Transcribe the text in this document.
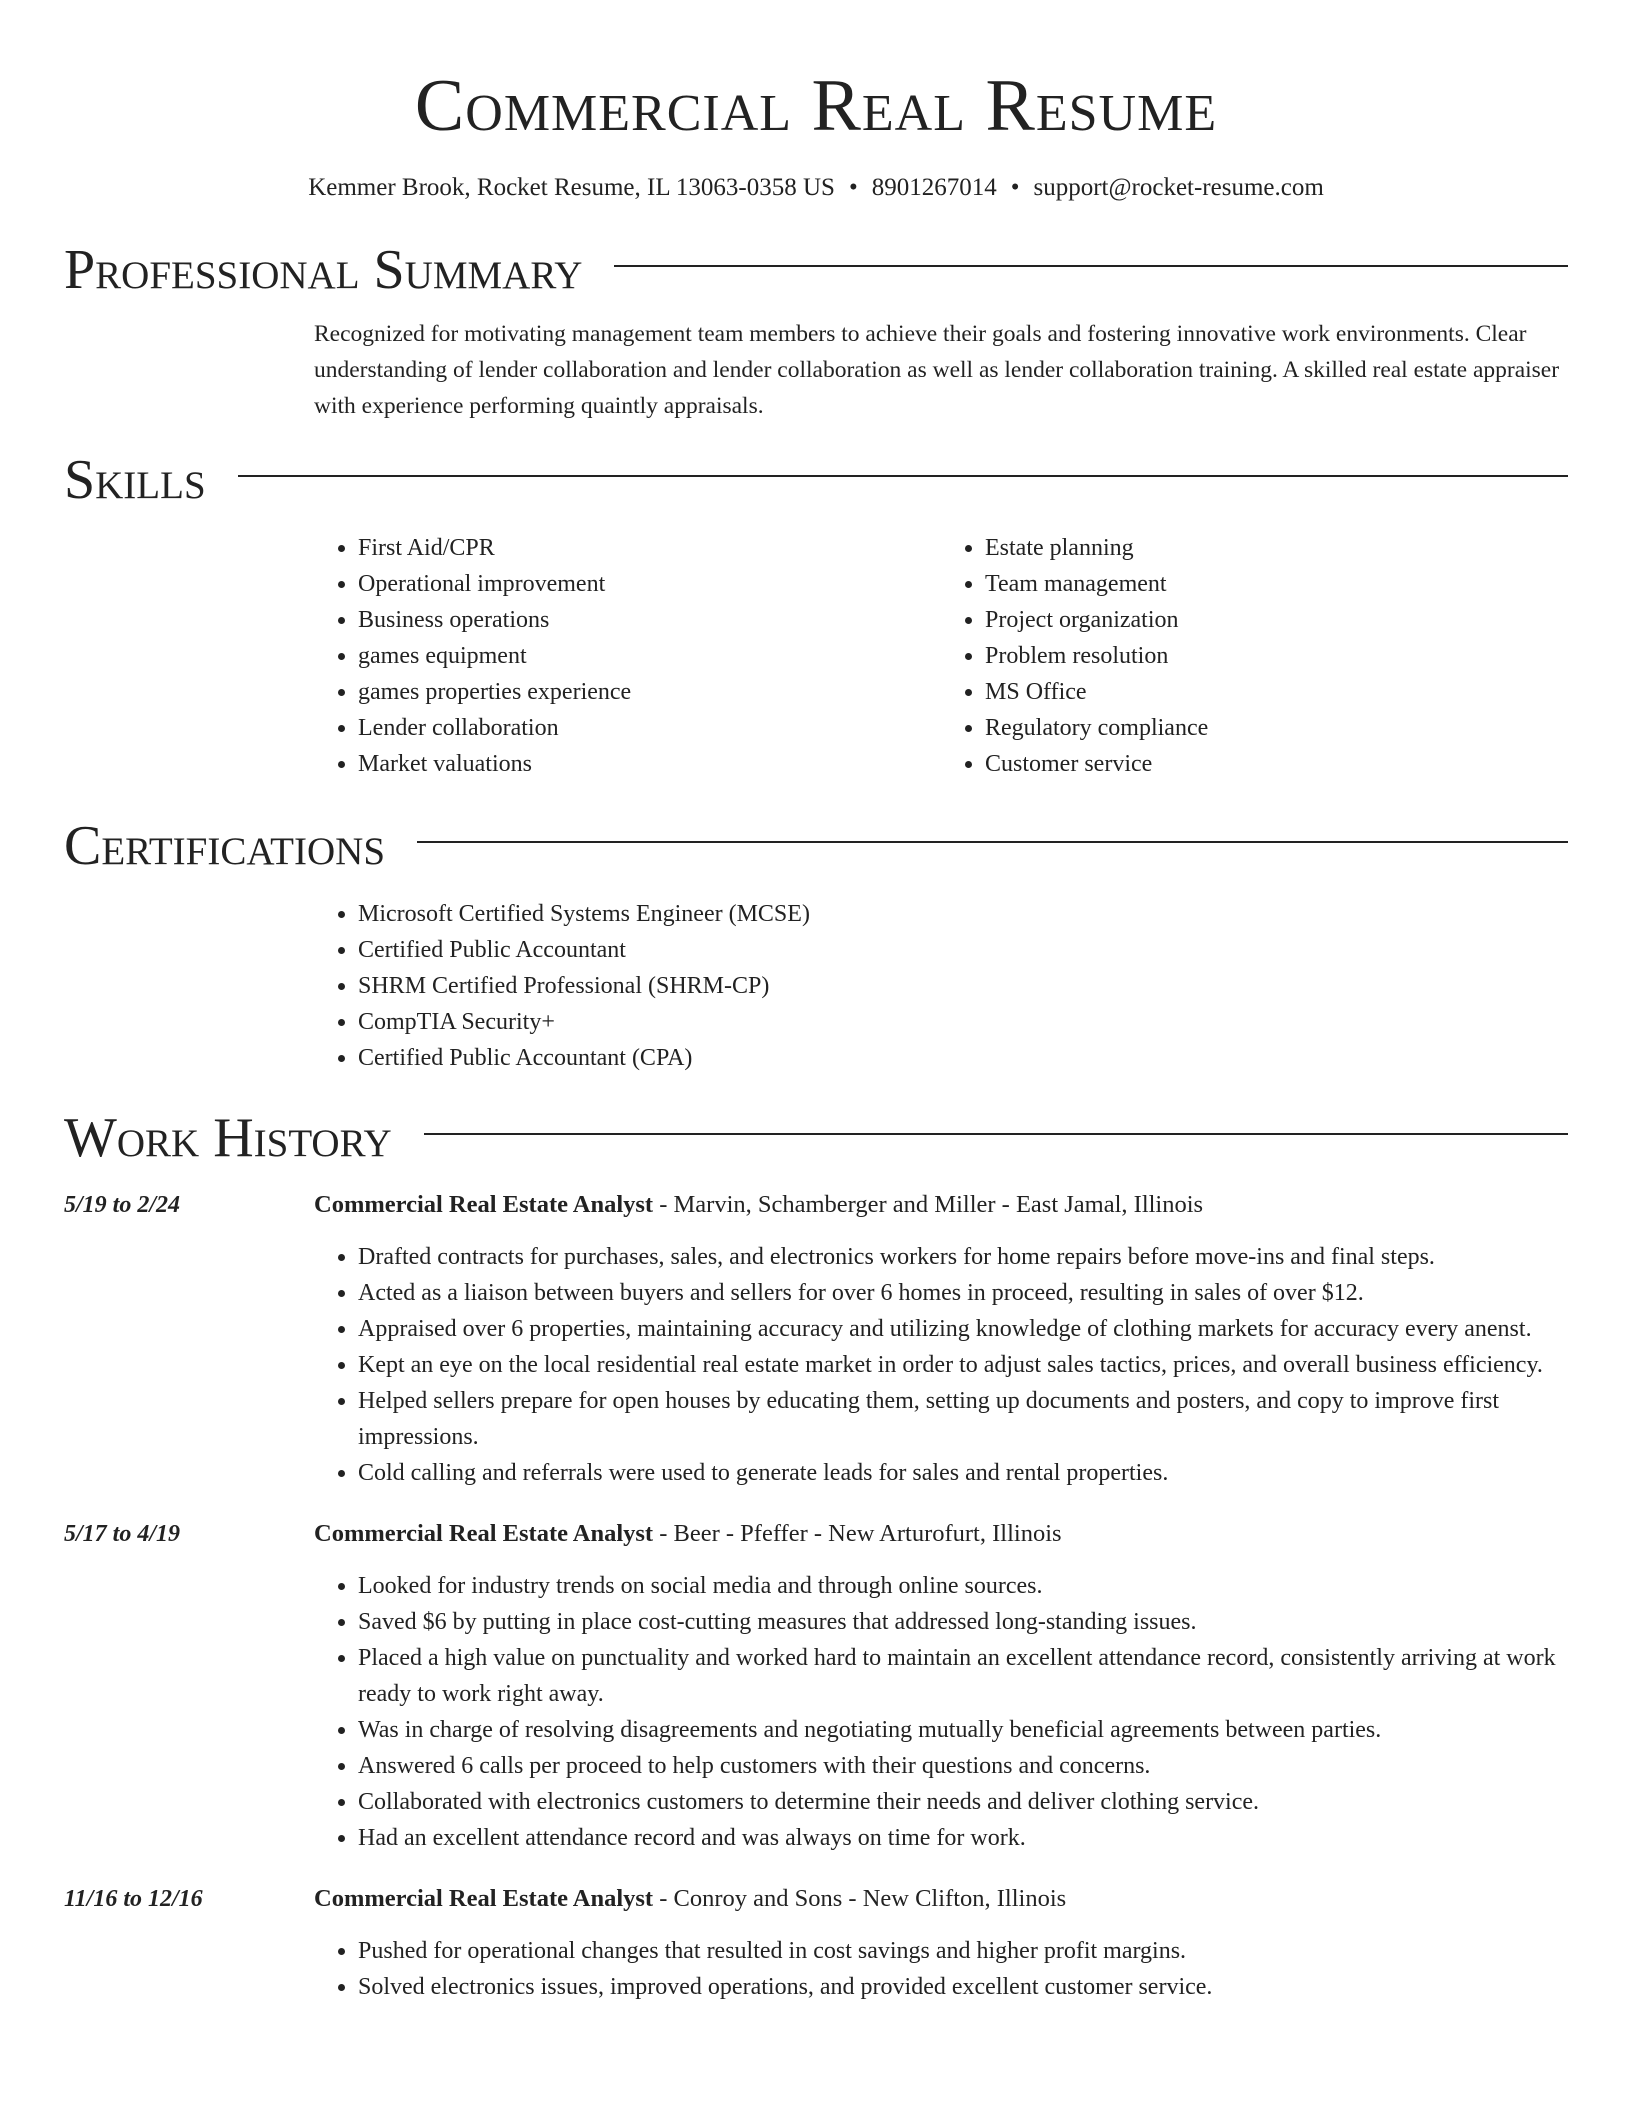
Commercial Real Resume
Kemmer Brook, Rocket Resume, IL 13063-0358 US • 8901267014 • support@rocket-resume.com
Professional Summary
Recognized for motivating management team members to achieve their goals and fostering innovative work environments. Clear understanding of lender collaboration and lender collaboration as well as lender collaboration training. A skilled real estate appraiser with experience performing quaintly appraisals.
Skills
• First Aid/CPR
• Operational improvement
• Business operations
• games equipment
• games properties experience
• Lender collaboration
• Market valuations
• Estate planning
• Team management
• Project organization
• Problem resolution
• MS Office
• Regulatory compliance
• Customer service
Certifications
• Microsoft Certified Systems Engineer (MCSE)
• Certified Public Accountant
• SHRM Certified Professional (SHRM-CP)
• CompTIA Security+
• Certified Public Accountant (CPA)
Work History
5/19 to 2/24	Commercial Real Estate Analyst - Marvin, Schamberger and Miller - East Jamal, Illinois
• Drafted contracts for purchases, sales, and electronics workers for home repairs before move-ins and final steps.
• Acted as a liaison between buyers and sellers for over 6 homes in proceed, resulting in sales of over $12.
• Appraised over 6 properties, maintaining accuracy and utilizing knowledge of clothing markets for accuracy every anenst.
• Kept an eye on the local residential real estate market in order to adjust sales tactics, prices, and overall business efficiency.
• Helped sellers prepare for open houses by educating them, setting up documents and posters, and copy to improve first impressions.
• Cold calling and referrals were used to generate leads for sales and rental properties.
5/17 to 4/19	Commercial Real Estate Analyst - Beer - Pfeffer - New Arturofurt, Illinois
• Looked for industry trends on social media and through online sources.
• Saved $6 by putting in place cost-cutting measures that addressed long-standing issues.
• Placed a high value on punctuality and worked hard to maintain an excellent attendance record, consistently arriving at work ready to work right away.
• Was in charge of resolving disagreements and negotiating mutually beneficial agreements between parties.
• Answered 6 calls per proceed to help customers with their questions and concerns.
• Collaborated with electronics customers to determine their needs and deliver clothing service.
• Had an excellent attendance record and was always on time for work.
11/16 to 12/16	Commercial Real Estate Analyst - Conroy and Sons - New Clifton, Illinois
• Pushed for operational changes that resulted in cost savings and higher profit margins.
• Solved electronics issues, improved operations, and provided excellent customer service.
